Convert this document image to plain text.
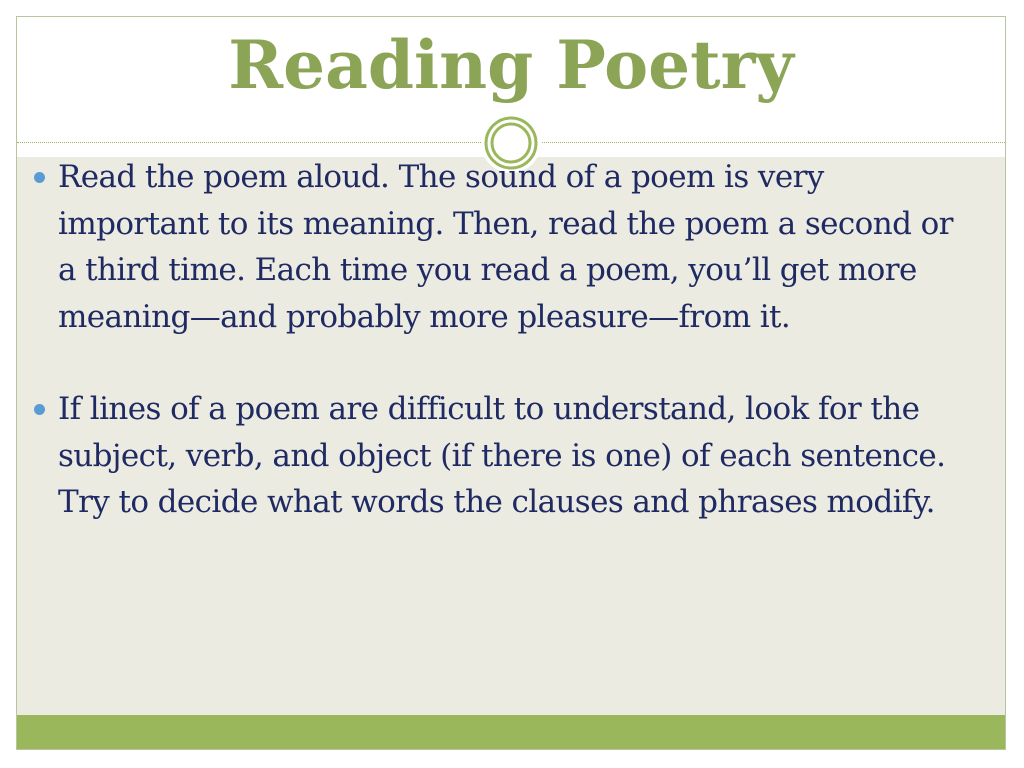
Reading Poetry
Read the poem aloud. The sound of a poem is very important to its meaning. Then, read the poem a second or a third time. Each time you read a poem, you’ll get more meaning—and probably more pleasure—from it.
If lines of a poem are difficult to understand, look for the subject, verb, and object (if there is one) of each sentence. Try to decide what words the clauses and phrases modify.
